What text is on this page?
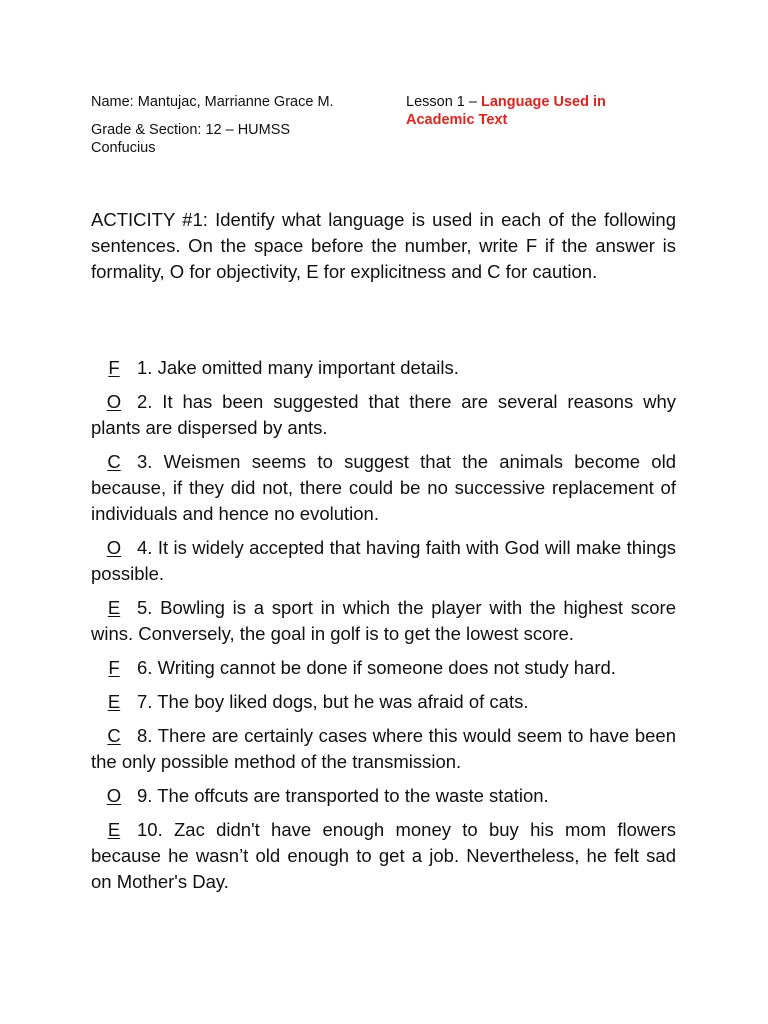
Name: Mantujac, Marrianne Grace M.
Grade & Section: 12 – HUMSS
Confucius
Lesson 1 – Language Used in Academic Text
ACTICITY #1: Identify what language is used in each of the following sentences. On the space before the number, write F if the answer is formality, O for objectivity, E for explicitness and C for caution.
F 1. Jake omitted many important details.
O 2. It has been suggested that there are several reasons why plants are dispersed by ants.
C 3. Weismen seems to suggest that the animals become old because, if they did not, there could be no successive replacement of individuals and hence no evolution.
O 4. It is widely accepted that having faith with God will make things possible.
E 5. Bowling is a sport in which the player with the highest score wins. Conversely, the goal in golf is to get the lowest score.
F 6. Writing cannot be done if someone does not study hard.
E 7. The boy liked dogs, but he was afraid of cats.
C 8. There are certainly cases where this would seem to have been the only possible method of the transmission.
O 9. The offcuts are transported to the waste station.
E 10. Zac didn't have enough money to buy his mom flowers because he wasn’t old enough to get a job. Nevertheless, he felt sad on Mother's Day.
